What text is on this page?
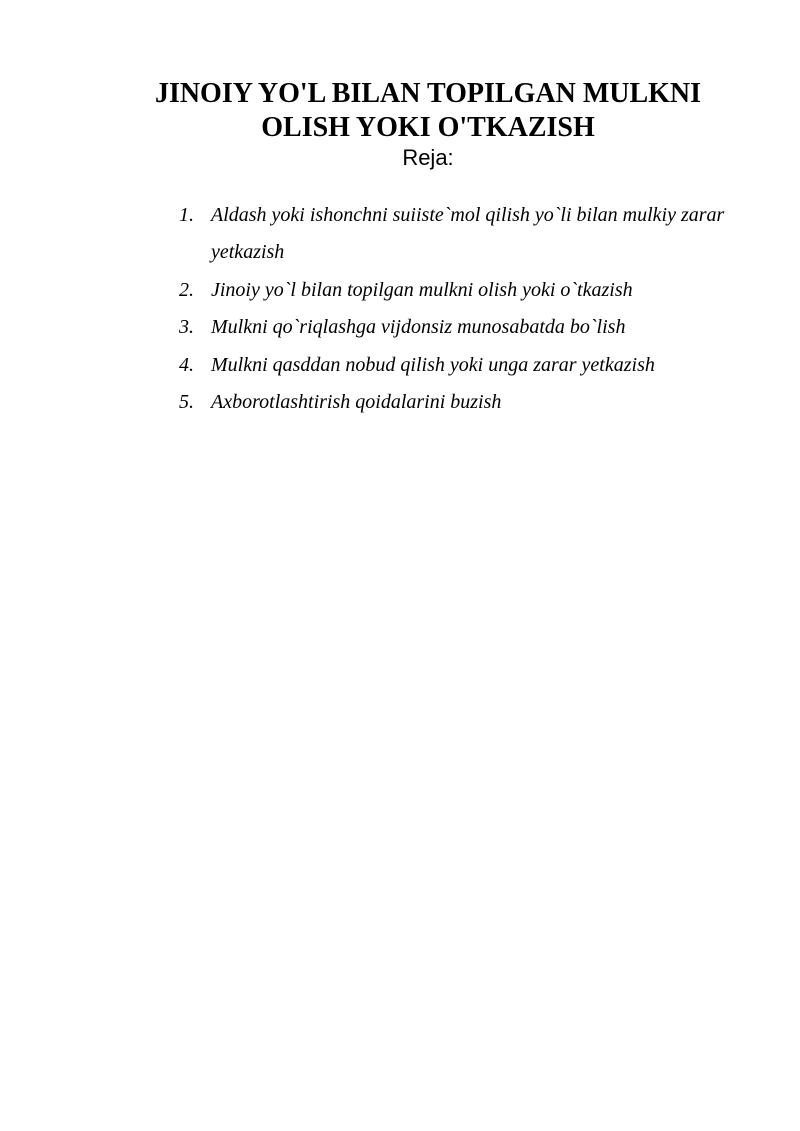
JINOIY YO'L BILAN TOPILGAN MULKNI
OLISH YOKI O'TKAZISH
Reja:
1. Aldash yoki ishonchni suiiste`mol qilish yo`li bilan mulkiy zarar yetkazish
2. Jinoiy yo`l bilan topilgan mulkni olish yoki o`tkazish
3. Mulkni qo`riqlashga vijdonsiz munosabatda bo`lish
4. Mulkni qasddan nobud qilish yoki unga zarar yetkazish
5. Axborotlashtirish qoidalarini buzish
